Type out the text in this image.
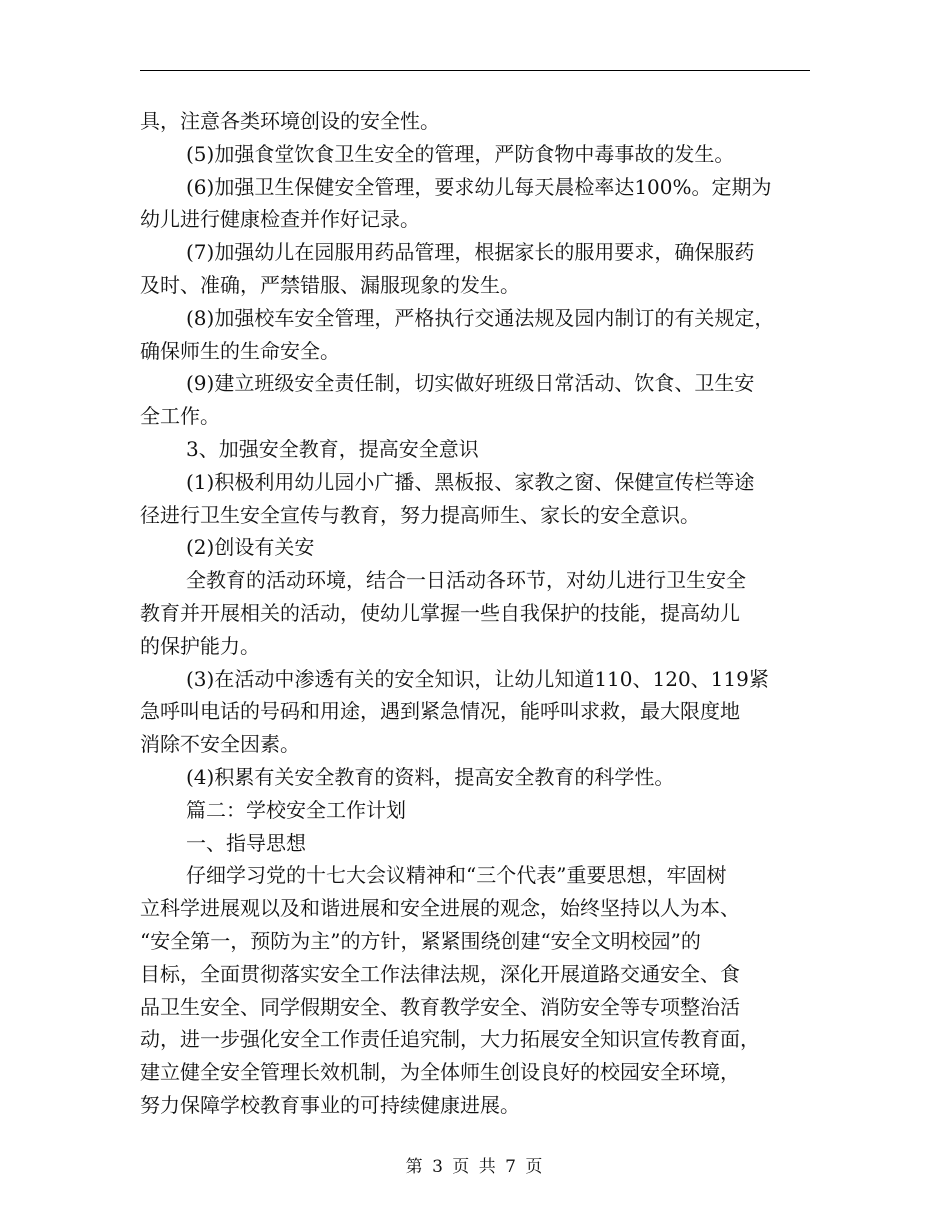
具，注意各类环境创设的安全性。
(5)加强食堂饮食卫生安全的管理，严防食物中毒事故的发生。
(6)加强卫生保健安全管理，要求幼儿每天晨检率达100%。定期为
幼儿进行健康检查并作好记录。
(7)加强幼儿在园服用药品管理，根据家长的服用要求，确保服药
及时、准确，严禁错服、漏服现象的发生。
(8)加强校车安全管理，严格执行交通法规及园内制订的有关规定，
确保师生的生命安全。
(9)建立班级安全责任制，切实做好班级日常活动、饮食、卫生安
全工作。
3、加强安全教育，提高安全意识
(1)积极利用幼儿园小广播、黑板报、家教之窗、保健宣传栏等途
径进行卫生安全宣传与教育，努力提高师生、家长的安全意识。
(2)创设有关安
全教育的活动环境，结合一日活动各环节，对幼儿进行卫生安全
教育并开展相关的活动，使幼儿掌握一些自我保护的技能，提高幼儿
的保护能力。
(3)在活动中渗透有关的安全知识，让幼儿知道110、120、119紧
急呼叫电话的号码和用途，遇到紧急情况，能呼叫求救，最大限度地
消除不安全因素。
(4)积累有关安全教育的资料，提高安全教育的科学性。
篇二：学校安全工作计划
一、指导思想
仔细学习党的十七大会议精神和“三个代表”重要思想，牢固树
立科学进展观以及和谐进展和安全进展的观念，始终坚持以人为本、
“安全第一，预防为主”的方针，紧紧围绕创建“安全文明校园”的
目标，全面贯彻落实安全工作法律法规，深化开展道路交通安全、食
品卫生安全、同学假期安全、教育教学安全、消防安全等专项整治活
动，进一步强化安全工作责任追究制，大力拓展安全知识宣传教育面，
建立健全安全管理长效机制，为全体师生创设良好的校园安全环境，
努力保障学校教育事业的可持续健康进展。
第 3 页 共 7 页
